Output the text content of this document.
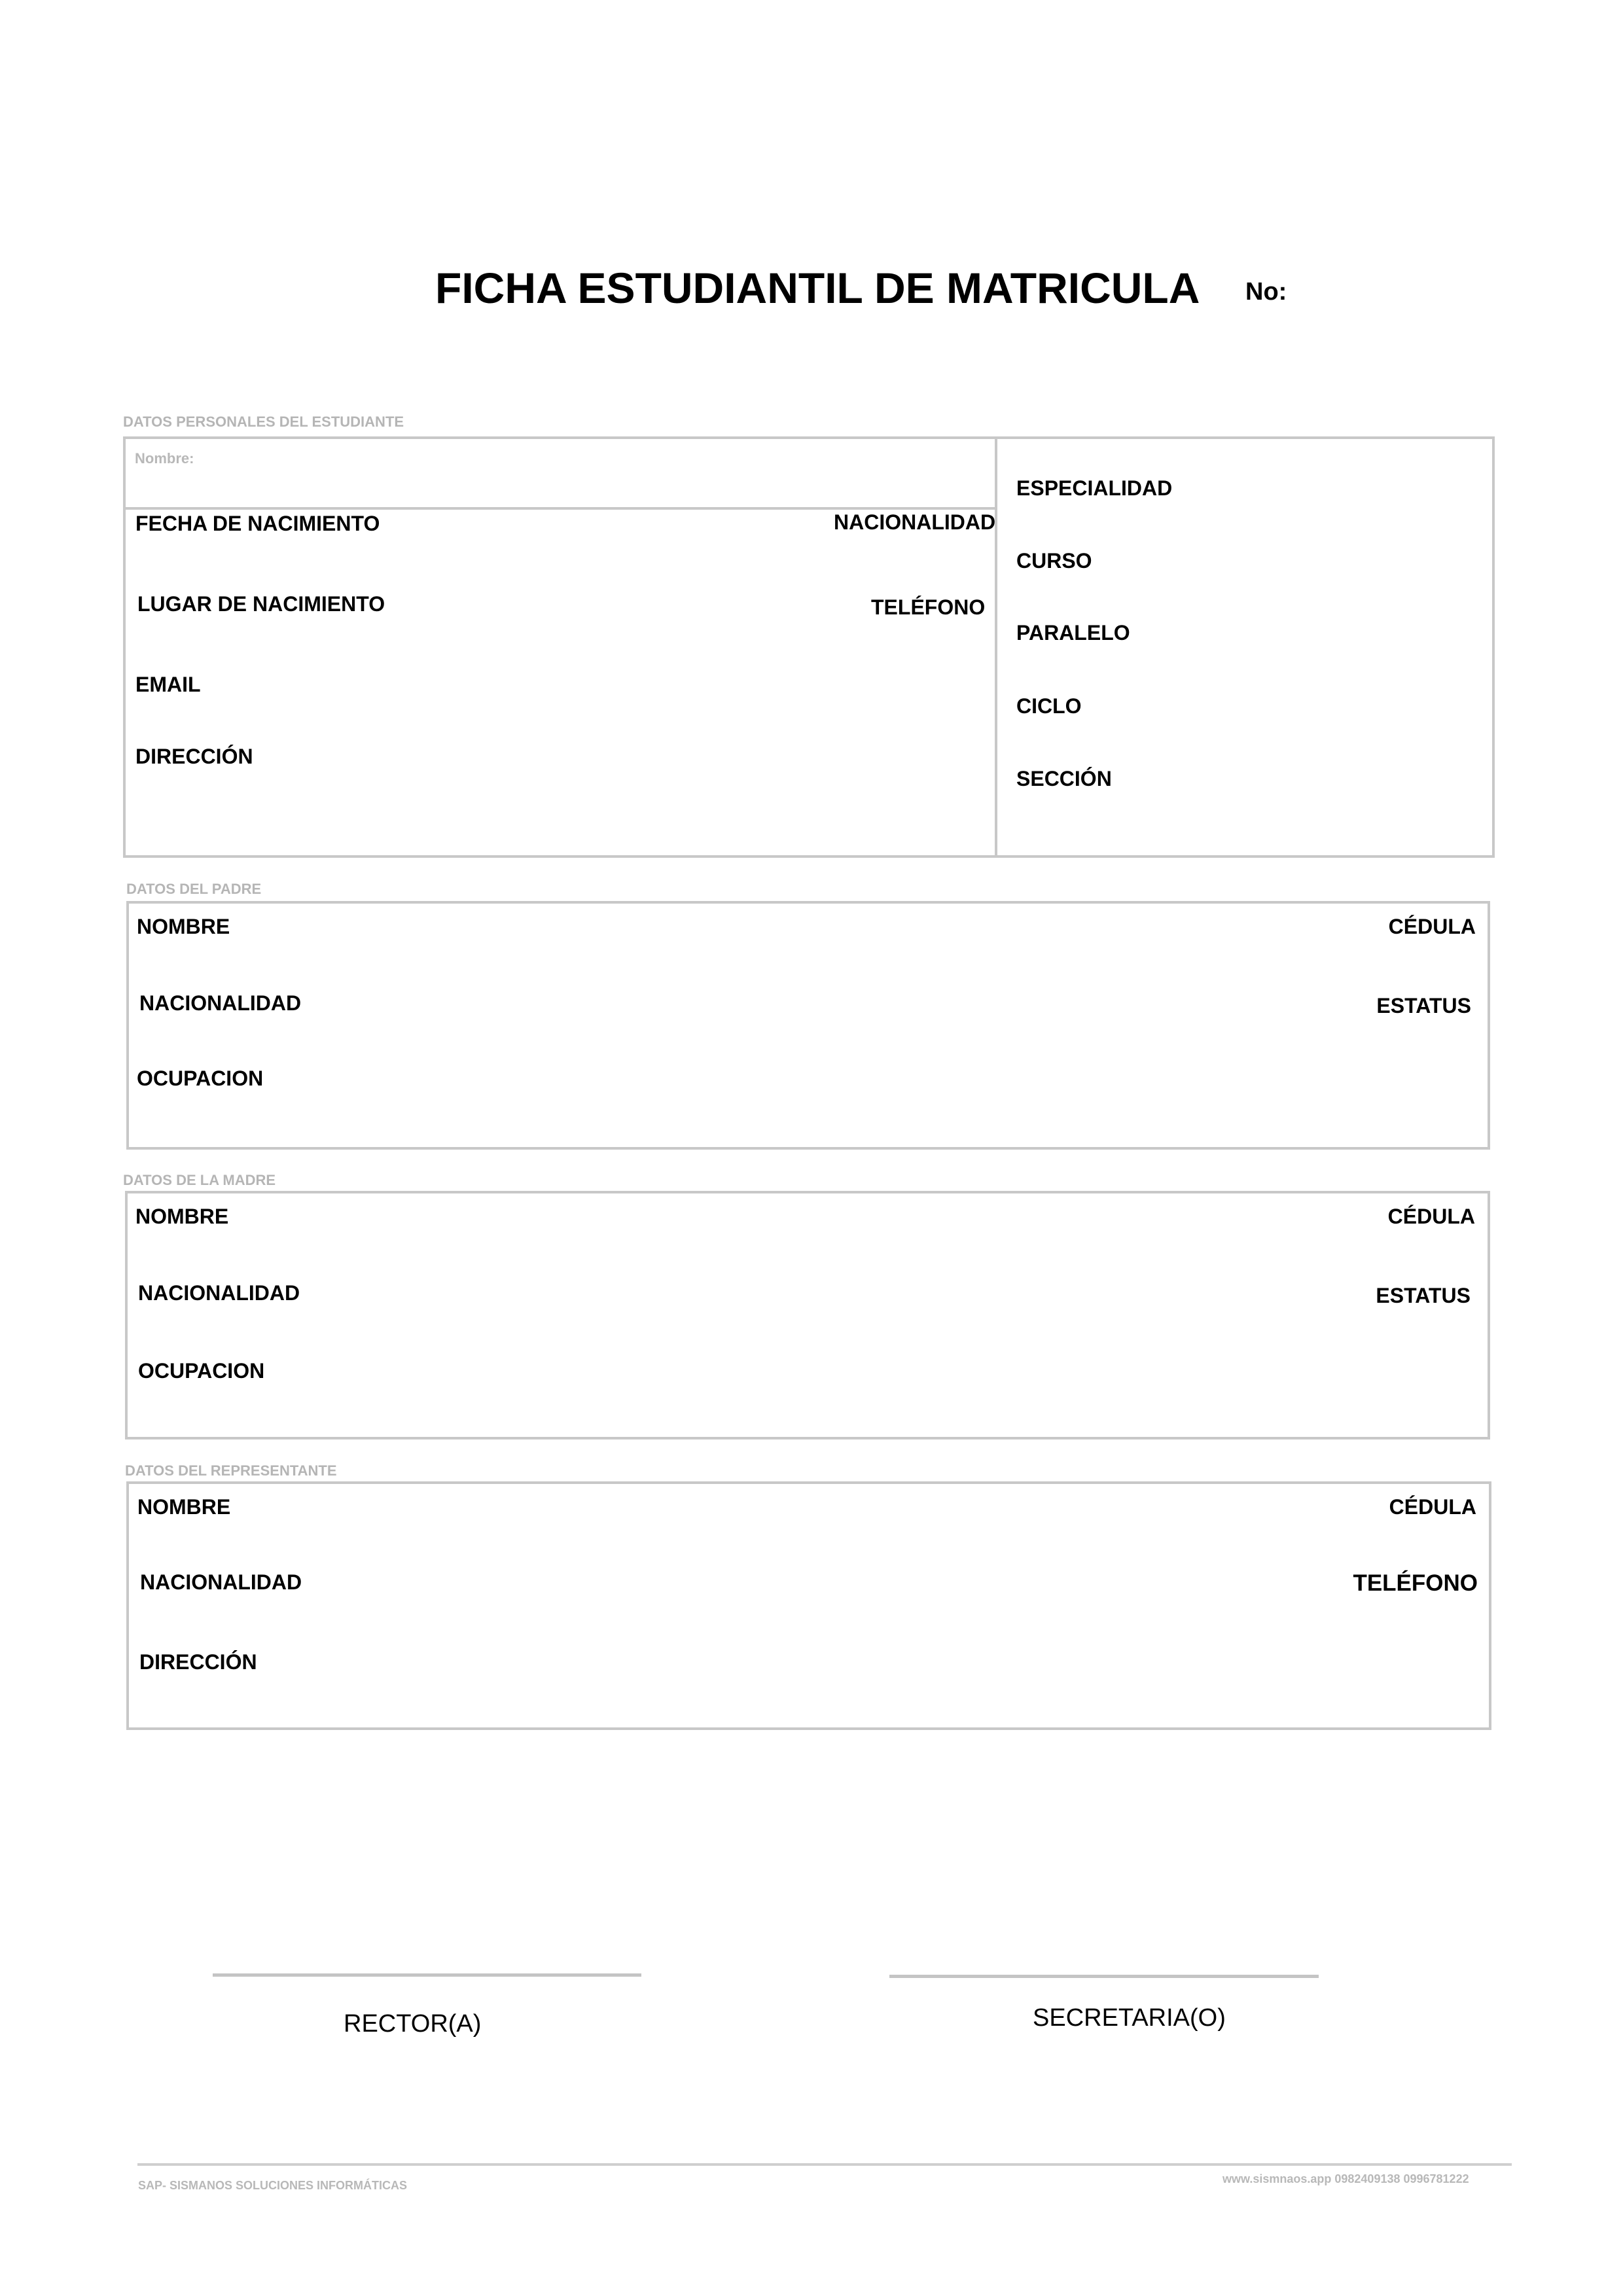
FICHA ESTUDIANTIL DE MATRICULA No:
DATOS PERSONALES DEL ESTUDIANTE
Nombre:
FECHA DE NACIMIENTO	NACIONALIDAD
LUGAR DE NACIMIENTO	TELÉFONO
EMAIL
DIRECCIÓN
ESPECIALIDAD
CURSO
PARALELO
CICLO
SECCIÓN
DATOS DEL PADRE
NOMBRE	CÉDULA
NACIONALIDAD	ESTATUS
OCUPACION
DATOS DE LA MADRE
NOMBRE	CÉDULA
NACIONALIDAD	ESTATUS
OCUPACION
DATOS DEL REPRESENTANTE
NOMBRE	CÉDULA
NACIONALIDAD	TELÉFONO
DIRECCIÓN
RECTOR(A)	SECRETARIA(O)
SAP- SISMANOS SOLUCIONES INFORMÁTICAS	www.sismnaos.app 0982409138 0996781222
